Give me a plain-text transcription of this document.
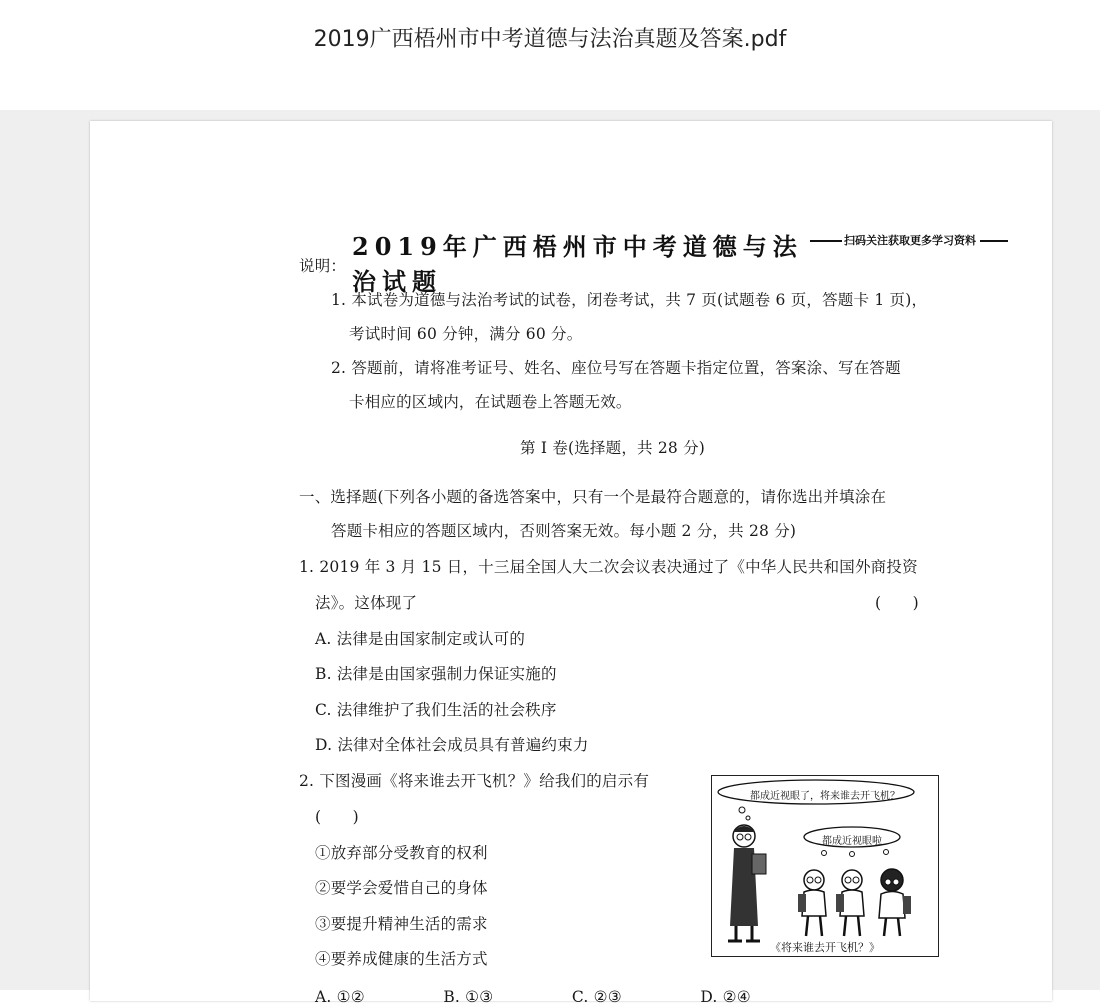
2019广西梧州市中考道德与法治真题及答案.pdf
2019年广西梧州市中考道德与法治试题
扫码关注获取更多学习资料
说明：
1. 本试卷为道德与法治考试的试卷，闭卷考试，共 7 页(试题卷 6 页，答题卡 1 页)，
考试时间 60 分钟，满分 60 分。
2. 答题前，请将准考证号、姓名、座位号写在答题卡指定位置，答案涂、写在答题
卡相应的区域内，在试题卷上答题无效。
第 I 卷(选择题，共 28 分)
一、选择题(下列各小题的备选答案中，只有一个是最符合题意的，请你选出并填涂在
答题卡相应的答题区域内，否则答案无效。每小题 2 分，共 28 分)
1. 2019 年 3 月 15 日，十三届全国人大二次会议表决通过了《中华人民共和国外商投资
法》。这体现了	(　　)
A. 法律是由国家制定或认可的
B. 法律是由国家强制力保证实施的
C. 法律维护了我们生活的社会秩序
D. 法律对全体社会成员具有普遍约束力
2. 下图漫画《将来谁去开飞机？》给我们的启示有
(　　)
①放弃部分受教育的权利
②要学会爱惜自己的身体
③要提升精神生活的需求
④要养成健康的生活方式
A. ①②　　　　　B. ①③　　　　　C. ②③　　　　　D. ②④
都成近视眼了，将来谁去开飞机？
都成近视眼啦
《将来谁去开飞机？》
